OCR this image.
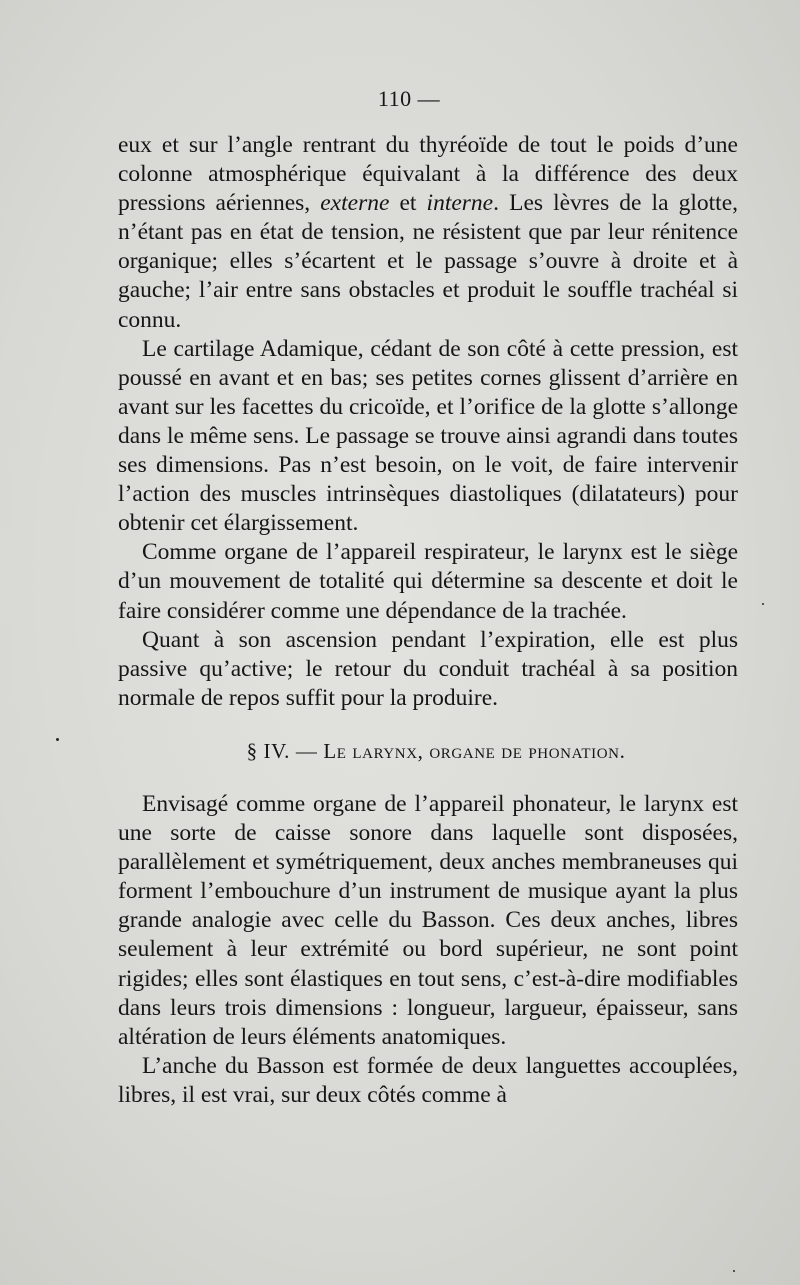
110 —

eux et sur l’angle rentrant du thyréoïde de tout le poids d’une colonne atmosphérique équivalant à la différence des deux pressions aériennes, externe et interne. Les lèvres de la glotte, n’étant pas en état de tension, ne résistent que par leur rénitence organique; elles s’écartent et le passage s’ouvre à droite et à gauche; l’air entre sans obstacles et produit le souffle trachéal si connu.

Le cartilage Adamique, cédant de son côté à cette pression, est poussé en avant et en bas; ses petites cornes glissent d’arrière en avant sur les facettes du cricoïde, et l’orifice de la glotte s’allonge dans le même sens. Le passage se trouve ainsi agrandi dans toutes ses dimensions. Pas n’est besoin, on le voit, de faire intervenir l’action des muscles intrinsèques diastoliques (dilatateurs) pour obtenir cet élargissement.

Comme organe de l’appareil respirateur, le larynx est le siège d’un mouvement de totalité qui détermine sa descente et doit le faire considérer comme une dépendance de la trachée.

Quant à son ascension pendant l’expiration, elle est plus passive qu’active; le retour du conduit trachéal à sa position normale de repos suffit pour la produire.

§ IV. — Le larynx, organe de phonation.

Envisagé comme organe de l’appareil phonateur, le larynx est une sorte de caisse sonore dans laquelle sont disposées, parallèlement et symétriquement, deux anches membraneuses qui forment l’embouchure d’un instrument de musique ayant la plus grande analogie avec celle du Basson. Ces deux anches, libres seulement à leur extrémité ou bord supérieur, ne sont point rigides; elles sont élastiques en tout sens, c’est-à-dire modifiables dans leurs trois dimensions : longueur, largueur, épaisseur, sans altération de leurs éléments anatomiques.

L’anche du Basson est formée de deux languettes accouplées, libres, il est vrai, sur deux côtés comme à
